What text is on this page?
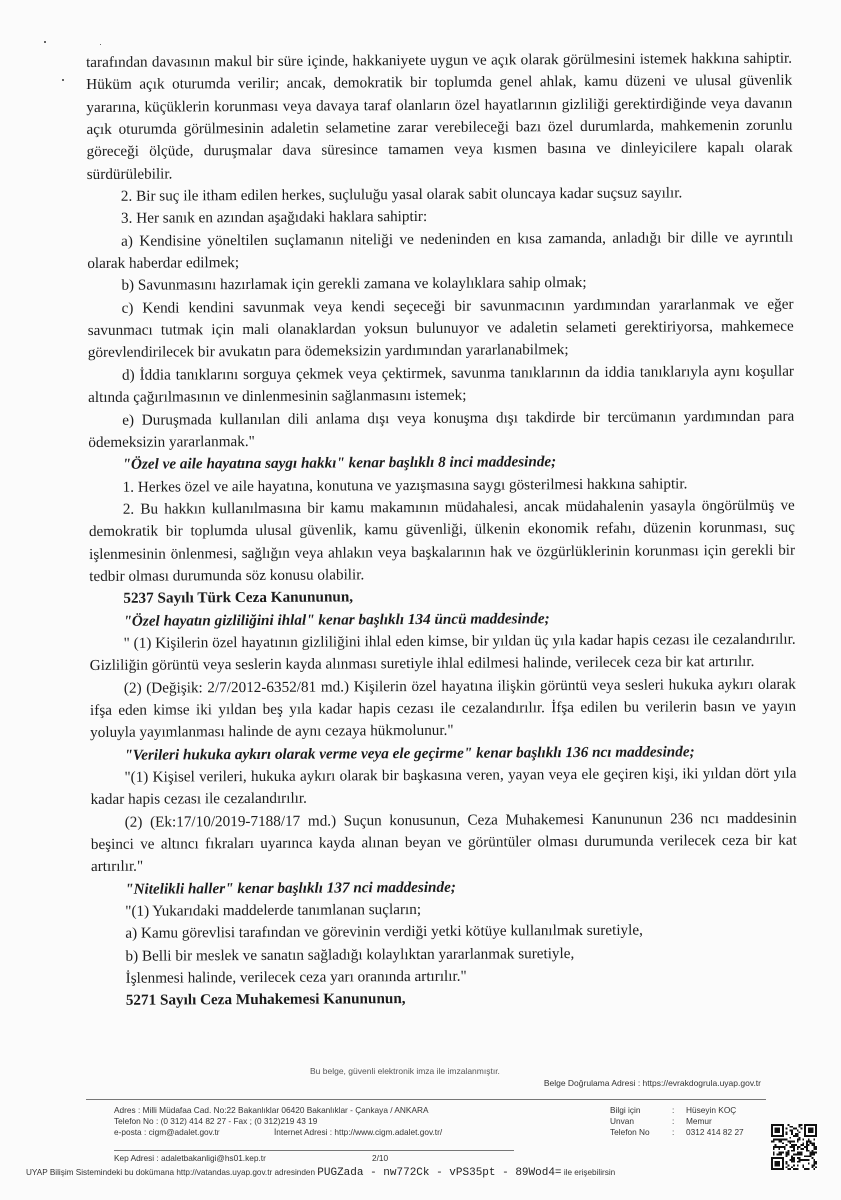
tarafından davasının makul bir süre içinde, hakkaniyete uygun ve açık olarak görülmesini istemek hakkına sahiptir. Hüküm açık oturumda verilir; ancak, demokratik bir toplumda genel ahlak, kamu düzeni ve ulusal güvenlik yararına, küçüklerin korunması veya davaya taraf olanların özel hayatlarının gizliliği gerektirdiğinde veya davanın açık oturumda görülmesinin adaletin selametine zarar verebileceği bazı özel durumlarda, mahkemenin zorunlu göreceği ölçüde, duruşmalar dava süresince tamamen veya kısmen basına ve dinleyicilere kapalı olarak sürdürülebilir.

2. Bir suç ile itham edilen herkes, suçluluğu yasal olarak sabit oluncaya kadar suçsuz sayılır.

3. Her sanık en azından aşağıdaki haklara sahiptir:

a) Kendisine yöneltilen suçlamanın niteliği ve nedeninden en kısa zamanda, anladığı bir dille ve ayrıntılı olarak haberdar edilmek;

b) Savunmasını hazırlamak için gerekli zamana ve kolaylıklara sahip olmak;

c) Kendi kendini savunmak veya kendi seçeceği bir savunmacının yardımından yararlanmak ve eğer savunmacı tutmak için mali olanaklardan yoksun bulunuyor ve adaletin selameti gerektiriyorsa, mahkemece görevlendirilecek bir avukatın para ödemeksizin yardımından yararlanabilmek;

d) İddia tanıklarını sorguya çekmek veya çektirmek, savunma tanıklarının da iddia tanıklarıyla aynı koşullar altında çağırılmasının ve dinlenmesinin sağlanmasını istemek;

e) Duruşmada kullanılan dili anlama dışı veya konuşma dışı takdirde bir tercümanın yardımından para ödemeksizin yararlanmak."

"Özel ve aile hayatına saygı hakkı" kenar başlıklı 8 inci maddesinde;

1. Herkes özel ve aile hayatına, konutuna ve yazışmasına saygı gösterilmesi hakkına sahiptir.

2. Bu hakkın kullanılmasına bir kamu makamının müdahalesi, ancak müdahalenin yasayla öngörülmüş ve demokratik bir toplumda ulusal güvenlik, kamu güvenliği, ülkenin ekonomik refahı, düzenin korunması, suç işlenmesinin önlenmesi, sağlığın veya ahlakın veya başkalarının hak ve özgürlüklerinin korunması için gerekli bir tedbir olması durumunda söz konusu olabilir.

5237 Sayılı Türk Ceza Kanununun,

"Özel hayatın gizliliğini ihlal" kenar başlıklı 134 üncü maddesinde;

" (1) Kişilerin özel hayatının gizliliğini ihlal eden kimse, bir yıldan üç yıla kadar hapis cezası ile cezalandırılır. Gizliliğin görüntü veya seslerin kayda alınması suretiyle ihlal edilmesi halinde, verilecek ceza bir kat artırılır.

(2) (Değişik: 2/7/2012-6352/81 md.) Kişilerin özel hayatına ilişkin görüntü veya sesleri hukuka aykırı olarak ifşa eden kimse iki yıldan beş yıla kadar hapis cezası ile cezalandırılır. İfşa edilen bu verilerin basın ve yayın yoluyla yayımlanması halinde de aynı cezaya hükmolunur."

"Verileri hukuka aykırı olarak verme veya ele geçirme" kenar başlıklı 136 ncı maddesinde;

"(1) Kişisel verileri, hukuka aykırı olarak bir başkasına veren, yayan veya ele geçiren kişi, iki yıldan dört yıla kadar hapis cezası ile cezalandırılır.

(2) (Ek:17/10/2019-7188/17 md.) Suçun konusunun, Ceza Muhakemesi Kanununun 236 ncı maddesinin beşinci ve altıncı fıkraları uyarınca kayda alınan beyan ve görüntüler olması durumunda verilecek ceza bir kat artırılır."

"Nitelikli haller" kenar başlıklı 137 nci maddesinde;

"(1) Yukarıdaki maddelerde tanımlanan suçların;

a) Kamu görevlisi tarafından ve görevinin verdiği yetki kötüye kullanılmak suretiyle,

b) Belli bir meslek ve sanatın sağladığı kolaylıktan yararlanmak suretiyle,

İşlenmesi halinde, verilecek ceza yarı oranında artırılır."

5271 Sayılı Ceza Muhakemesi Kanununun,

Bu belge, güvenli elektronik imza ile imzalanmıştır.
Belge Doğrulama Adresi : https://evrakdogrula.uyap.gov.tr
Adres : Milli Müdafaa Cad. No:22 Bakanlıklar 06420 Bakanlıklar - Çankaya / ANKARA	Bilgi için	:	Hüseyin KOÇ
Telefon No : (0 312) 414 82 27 - Fax ; (0 312)219 43 19	Unvan	:	Memur
e-posta : cigm@adalet.gov.tr	İnternet Adresi : http://www.cigm.adalet.gov.tr/	Telefon No	:	0312 414 82 27
Kep Adresi : adaletbakanligi@hs01.kep.tr	2/10
UYAP Bilişim Sistemindeki bu dokümana http://vatandas.uyap.gov.tr adresinden PUGZada - nw772Ck - vPS35pt - 89Wod4= ile erişebilirsin
